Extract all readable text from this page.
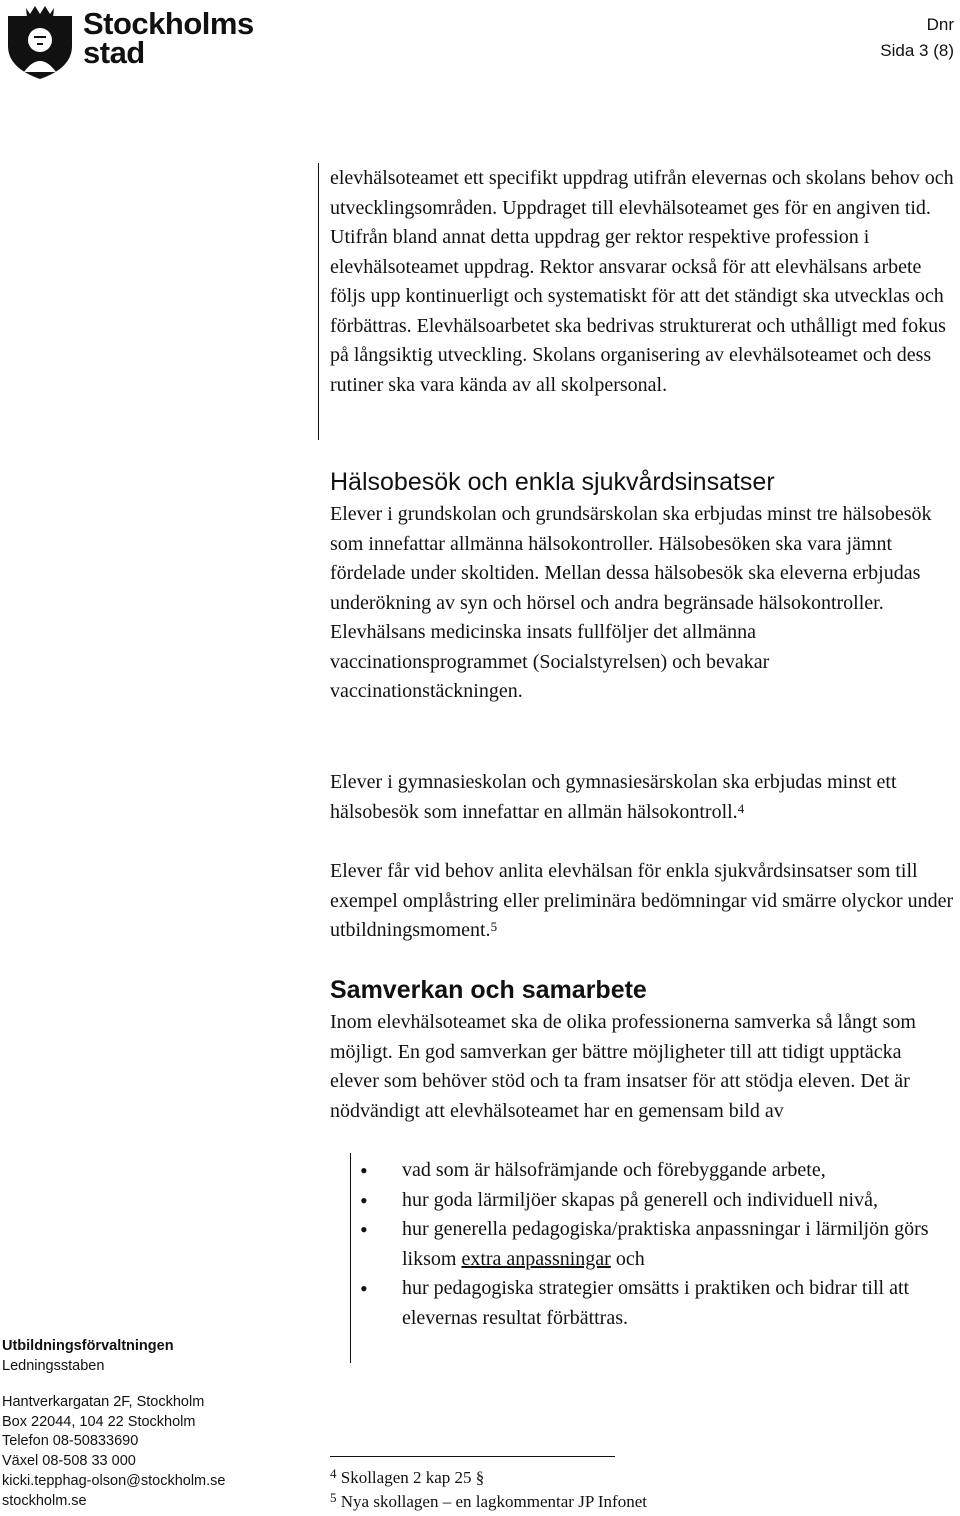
Stockholms
stad
Dnr
Sida 3 (8)

elevhälsoteamet ett specifikt uppdrag utifrån elevernas och skolans behov och utvecklingsområden. Uppdraget till elevhälsoteamet ges för en angiven tid. Utifrån bland annat detta uppdrag ger rektor respektive profession i elevhälsoteamet uppdrag. Rektor ansvarar också för att elevhälsans arbete följs upp kontinuerligt och systematiskt för att det ständigt ska utvecklas och förbättras. Elevhälsoarbetet ska bedrivas strukturerat och uthålligt med fokus på långsiktig utveckling. Skolans organisering av elevhälsoteamet och dess rutiner ska vara kända av all skolpersonal.

Hälsobesök och enkla sjukvårdsinsatser

Elever i grundskolan och grundsärskolan ska erbjudas minst tre hälsobesök som innefattar allmänna hälsokontroller. Hälsobesöken ska vara jämnt fördelade under skoltiden. Mellan dessa hälsobesök ska eleverna erbjudas underökning av syn och hörsel och andra begränsade hälsokontroller. Elevhälsans medicinska insats fullföljer det allmänna vaccinationsprogrammet (Socialstyrelsen) och bevakar vaccinationstäckningen.

Elever i gymnasieskolan och gymnasiesärskolan ska erbjudas minst ett hälsobesök som innefattar en allmän hälsokontroll.$^4$

Elever får vid behov anlita elevhälsan för enkla sjukvårdsinsatser som till exempel omplåstring eller preliminära bedömningar vid smärre olyckor under utbildningsmoment.$^5$

Samverkan och samarbete

Inom elevhälsoteamet ska de olika professionerna samverka så långt som möjligt. En god samverkan ger bättre möjligheter till att tidigt upptäcka elever som behöver stöd och ta fram insatser för att stödja eleven. Det är nödvändigt att elevhälsoteamet har en gemensam bild av

• vad som är hälsofrämjande och förebyggande arbete,
• hur goda lärmiljöer skapas på generell och individuell nivå,
• hur generella pedagogiska/praktiska anpassningar i lärmiljön görs liksom extra anpassningar och
• hur pedagogiska strategier omsätts i praktiken och bidrar till att elevernas resultat förbättras.
Utbildningsförvaltningen
Ledningsstaben
Hantverkargatan 2F, Stockholm
Box 22044, 104 22 Stockholm
Telefon 08-50833690
Växel 08-508 33 000
kicki.tepphag-olson@stockholm.se
stockholm.se
$^4$ Skollagen 2 kap 25 §
$^5$ Nya skollagen – en lagkommentar JP Infonet
